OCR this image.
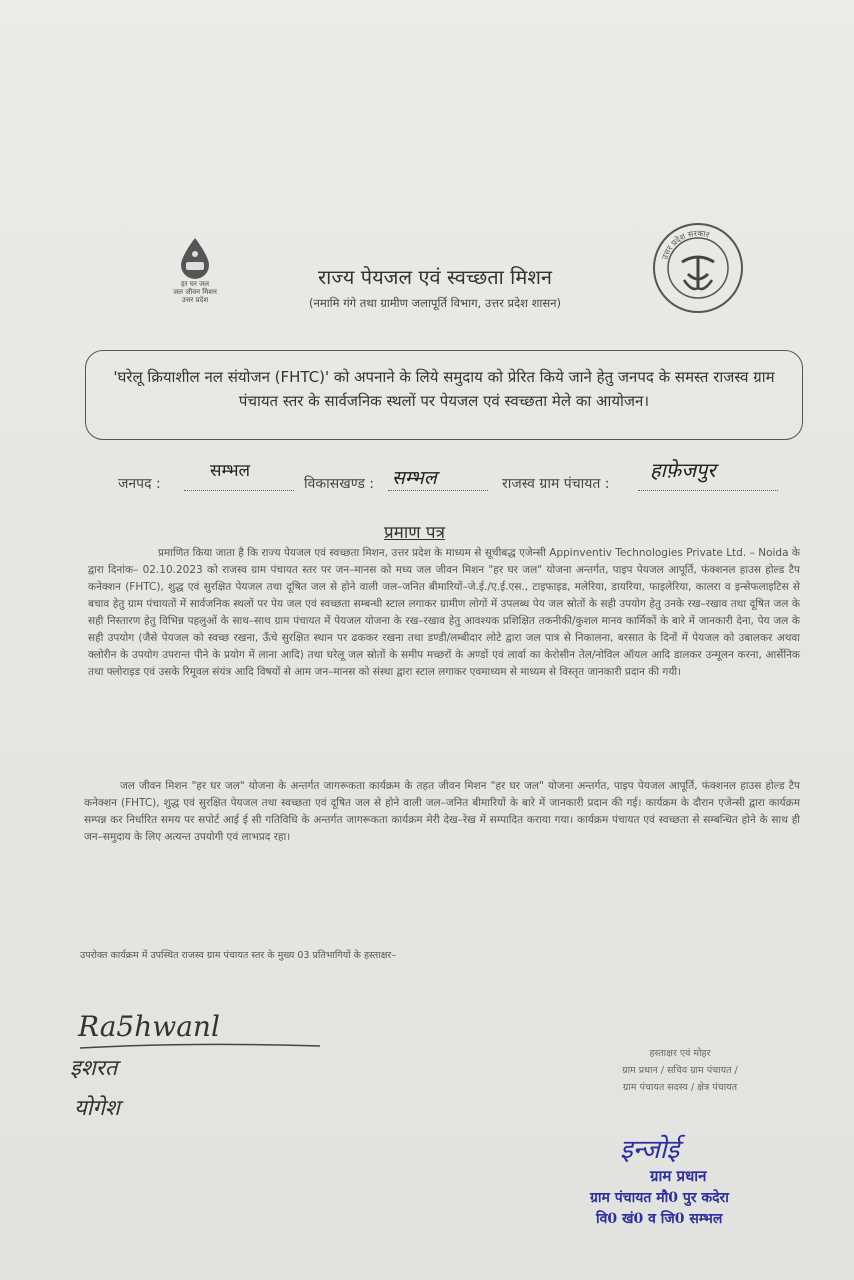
हर घर जल
जल जीवन मिशन
उत्तर प्रदेश
उत्तर प्रदेश सरकार
राज्य पेयजल एवं स्वच्छता मिशन
(नमामि गंगे तथा ग्रामीण जलापूर्ति विभाग, उत्तर प्रदेश शासन)
'घरेलू क्रियाशील नल संयोजन (FHTC)' को अपनाने के लिये समुदाय को प्रेरित किये जाने हेतु जनपद के समस्त राजस्व ग्राम पंचायत स्तर के सार्वजनिक स्थलों पर पेयजल एवं स्वच्छता मेले का आयोजन।
जनपद :
सम्भल
विकासखण्ड : सम्भल	राजस्व ग्राम पंचायत :
हाफ़ेजपुर
प्रमाण पत्र
प्रमाणित किया जाता है कि राज्य पेयजल एवं स्वच्छता मिशन, उत्तर प्रदेश के माध्यम से सूचीबद्ध एजेन्सी Appinventiv Technologies Private Ltd. – Noida के द्वारा दिनांक– 02.10.2023 को राजस्व ग्राम पंचायत स्तर पर जन–मानस को मध्य जल जीवन मिशन "हर घर जल" योजना अन्तर्गत, पाइप पेयजल आपूर्ति, फंक्शनल हाउस होल्ड टैप कनेक्शन (FHTC), शुद्ध एवं सुरक्षित पेयजल तथा दूषित जल से होने वाली जल–जनित बीमारियों–जे.ई./ए.ई.एस., टाइफाइड, मलेरिया, डायरिया, फाइलेरिया, कालरा व इन्सेफलाइटिस से बचाव हेतु ग्राम पंचायतों में सार्वजनिक स्थलों पर पेय जल एवं स्वच्छता सम्बन्धी स्टाल लगाकर ग्रामीण लोगों में उपलब्ध पेय जल स्रोतों के सही उपयोग हेतु उनके रख–रखाव तथा दूषित जल के सही निस्तारण हेतु विभिन्न पहलुओं के साथ–साथ ग्राम पंचायत में पेयजल योजना के रख–रखाव हेतु आवश्यक प्रशिक्षित तकनीकी/कुशल मानव कार्मिकों के बारे में जानकारी देना, पेय जल के सही उपयोग (जैसे पेयजल को स्वच्छ रखना, ऊँचे सुरक्षित स्थान पर ढककर रखना तथा डण्डी/लम्बीदार लोटे द्वारा जल पात्र से निकालना, बरसात के दिनों में पेयजल को उबालकर अथवा क्लोरीन के उपयोग उपरान्त पीने के प्रयोग में लाना आदि) तथा घरेलू जल स्रोतों के समीप मच्छरों के अण्डों एवं लार्वा का केरोसीन तेल/नोविल ऑयल आदि डालकर उन्मूलन करना, आर्सेनिक तथा फ्लोराइड एवं उसके रिमूवल संयंत्र आदि विषयों से आम जन–मानस को संस्था द्वारा स्टाल लगाकर एवमाध्यम से माध्यम से विस्तृत जानकारी प्रदान की गयी।
जल जीवन मिशन "हर घर जल" योजना के अन्तर्गत जागरूकता कार्यक्रम के तहत जीवन मिशन "हर घर जल" योजना अन्तर्गत, पाइप पेयजल आपूर्ति, फंक्शनल हाउस होल्ड टैप कनेक्शन (FHTC), शुद्ध एवं सुरक्षित पेयजल तथा स्वच्छता एवं दूषित जल से होने वाली जल–जनित बीमारियों के बारे में जानकारी प्रदान की गई। कार्यक्रम के दौरान एजेन्सी द्वारा कार्यक्रम सम्पन्न कर निर्धारित समय पर सपोर्ट आई ई सी गतिविधि के अन्तर्गत जागरूकता कार्यक्रम मेरी देख–रेख में सम्पादित कराया गया। कार्यक्रम पंचायत एवं स्वच्छता से सम्बन्धित होने के साथ ही जन–समुदाय के लिए अत्यन्त उपयोगी एवं लाभप्रद रहा।
उपरोक्त कार्यक्रम में उपस्थित राजस्व ग्राम पंचायत स्तर के मुख्य 03 प्रतिभागियों के हस्ताक्षर–
Ra5hwanl
इशरत
योगेश
हस्ताक्षर एवं मोहर
ग्राम प्रधान / सचिव ग्राम पंचायत /
ग्राम पंचायत सदस्य / क्षेत्र पंचायत
इन्जोई
ग्राम प्रधान
ग्राम पंचायत मौ0 पुर कदेरा
वि0 खं0 व जि0 सम्भल
